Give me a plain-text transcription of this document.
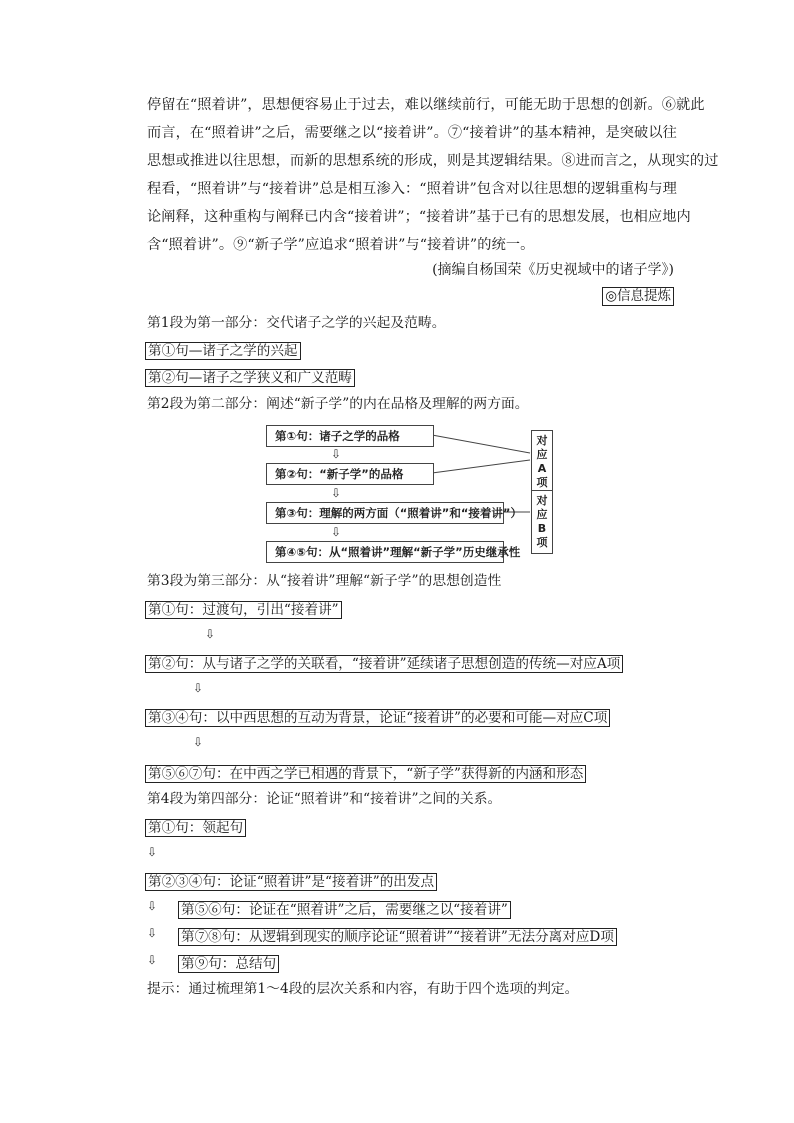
停留在“照着讲”，思想便容易止于过去，难以继续前行，可能无助于思想的创新。⑥就此
而言，在“照着讲”之后，需要继之以“接着讲”。⑦“接着讲”的基本精神，是突破以往
思想或推进以往思想，而新的思想系统的形成，则是其逻辑结果。⑧进而言之，从现实的过
程看，“照着讲”与“接着讲”总是相互渗入：“照着讲”包含对以往思想的逻辑重构与理
论阐释，这种重构与阐释已内含“接着讲”；“接着讲”基于已有的思想发展，也相应地内
含“照着讲”。⑨“新子学”应追求“照着讲”与“接着讲”的统一。
(摘编自杨国荣《历史视域中的诸子学》)
◎信息提炼
第1段为第一部分：交代诸子之学的兴起及范畴。
第①句—诸子之学的兴起
第②句—诸子之学狭义和广义范畴
第2段为第二部分：阐述“新子学”的内在品格及理解的两方面。
第①句：诸子之学的品格
⇩
第②句：“新子学”的品格
⇩
第③句：理解的两方面（“照着讲”和“接着讲”）
⇩
第④⑤句：从“照着讲”理解“新子学”历史继承性
对应A项
对应B项
第3段为第三部分：从“接着讲”理解“新子学”的思想创造性
第①句：过渡句，引出“接着讲”
⇩
第②句：从与诸子之学的关联看，“接着讲”延续诸子思想创造的传统—对应A项
⇩
第③④句：以中西思想的互动为背景，论证“接着讲”的必要和可能—对应C项
⇩
第⑤⑥⑦句：在中西之学已相遇的背景下，“新子学”获得新的内涵和形态
第4段为第四部分：论证“照着讲”和“接着讲”之间的关系。
第①句：领起句
⇩
第②③④句：论证“照着讲”是“接着讲”的出发点
⇩ 第⑤⑥句：论证在“照着讲”之后，需要继之以“接着讲”
⇩ 第⑦⑧句：从逻辑到现实的顺序论证“照着讲”“接着讲”无法分离对应D项
⇩ 第⑨句：总结句
提示：通过梳理第1～4段的层次关系和内容，有助于四个选项的判定。
